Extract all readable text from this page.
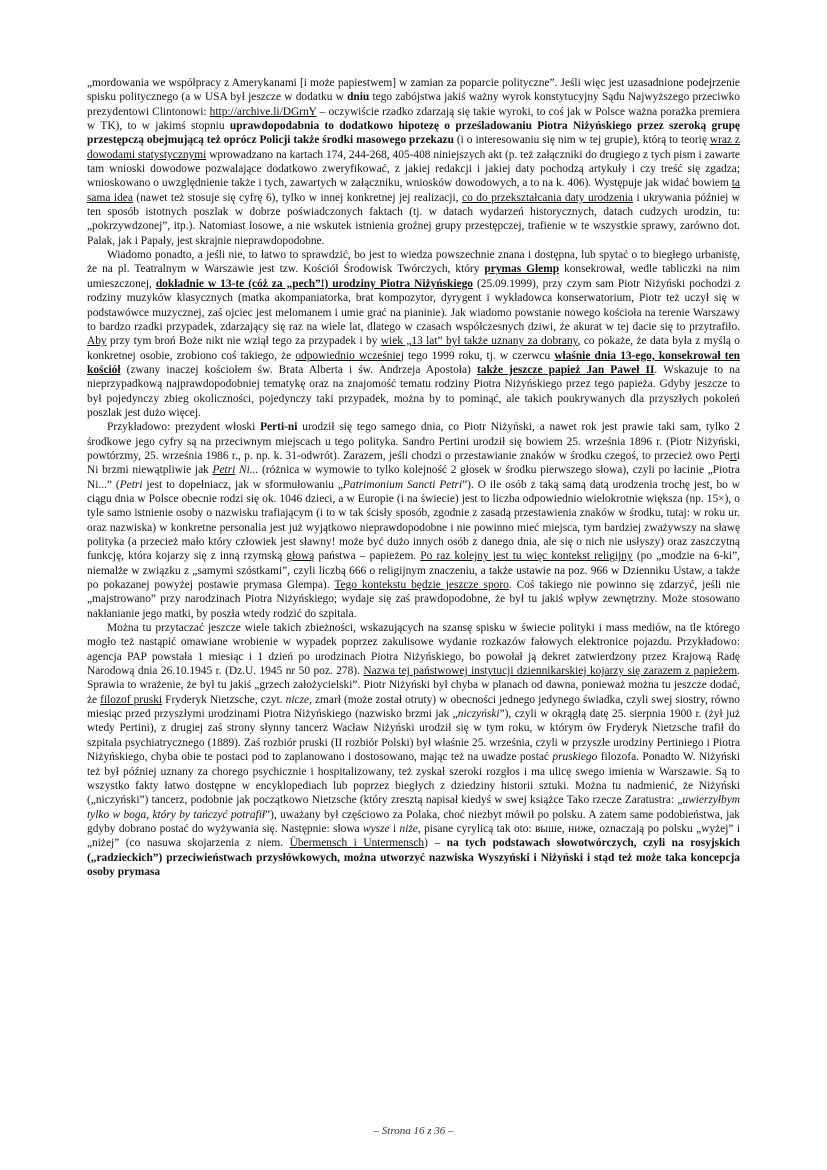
„mordowania we współpracy z Amerykanami [i może papiestwem] w zamian za poparcie polityczne”. Jeśli więc jest uzasadnione podejrzenie spisku politycznego (a w USA był jeszcze w dodatku w dniu tego zabójstwa jakiś ważny wyrok konstytucyjny Sądu Najwyższego przeciwko prezydentowi Clintonowi: http://archive.li/DGrnY – oczywiście rzadko zdarzają się takie wyroki, to coś jak w Polsce ważna porażka premiera w TK), to w jakimś stopniu uprawdopodabnia to dodatkowo hipotezę o prześladowaniu Piotra Niżyńskiego przez szeroką grupę przestępczą obejmującą też oprócz Policji także środki masowego przekazu (i o interesowaniu się nim w tej grupie), którą to teorię wraz z dowodami statystycznymi wprowadzano na kartach 174, 244-268, 405-408 niniejszych akt (p. też załączniki do drugiego z tych pism i zawarte tam wnioski dowodowe pozwalające dodatkowo zweryfikować, z jakiej redakcji i jakiej daty pochodzą artykuły i czy treść się zgadza; wnioskowano o uwzględnienie także i tych, zawartych w załączniku, wniosków dowodowych, a to na k. 406). Występuje jak widać bowiem ta sama idea (nawet też stosuje się cyfrę 6), tylko w innej konkretnej jej realizacji, co do przekształcania daty urodzenia i ukrywania później w ten sposób istotnych poszlak w dobrze poświadczonych faktach (tj. w datach wydarzeń historycznych, datach cudzych urodzin, tu: „pokrzywdzonej”, itp.). Natomiast losowe, a nie wskutek istnienia groźnej grupy przestępczej, trafienie w te wszystkie sprawy, zarówno dot. Palak, jak i Papały, jest skrajnie nieprawdopodobne.

Wiadomo ponadto, a jeśli nie, to łatwo to sprawdzić, bo jest to wiedza powszechnie znana i dostępna, lub spytać o to biegłego urbanistę, że na pl. Teatralnym w Warszawie jest tzw. Kościół Środowisk Twórczych, który prymas Glemp konsekrował, wedle tabliczki na nim umieszczonej, dokładnie w 13-te (cóż za „pech”!) urodziny Piotra Niżyńskiego (25.09.1999), przy czym sam Piotr Niżyński pochodzi z rodziny muzyków klasycznych (matka akompaniatorka, brat kompozytor, dyrygent i wykładowca konserwatorium, Piotr też uczył się w podstawówce muzycznej, zaś ojciec jest melomanem i umie grać na pianinie). Jak wiadomo powstanie nowego kościoła na terenie Warszawy to bardzo rzadki przypadek, zdarzający się raz na wiele lat, dlatego w czasach współczesnych dziwi, że akurat w tej dacie się to przytrafiło. Aby przy tym broń Boże nikt nie wziął tego za przypadek i by wiek „13 lat” był także uznany za dobrany, co pokaże, że data była z myślą o konkretnej osobie, zrobiono coś takiego, że odpowiednio wcześniej tego 1999 roku, tj. w czerwcu właśnie dnia 13-ego, konsekrował ten kościół (zwany inaczej kościołem św. Brata Alberta i św. Andrzeja Apostoła) także jeszcze papież Jan Paweł II. Wskazuje to na nieprzypadkową najprawdopodobniej tematykę oraz na znajomość tematu rodziny Piotra Niżyńskiego przez tego papieża. Gdyby jeszcze to był pojedynczy zbieg okoliczności, pojedynczy taki przypadek, można by to pominąć, ale takich poukrywanych dla przyszłych pokoleń poszlak jest dużo więcej.

Przykładowo: prezydent włoski Perti-ni urodził się tego samego dnia, co Piotr Niżyński, a nawet rok jest prawie taki sam, tylko 2 środkowe jego cyfry są na przeciwnym miejscach u tego polityka. Sandro Pertini urodził się bowiem 25. września 1896 r. (Piotr Niżyński, powtórzmy, 25. września 1986 r., p. np. k. 31-odwrót). Zarazem, jeśli chodzi o przestawianie znaków w środku czegoś, to przecież owo Perti Ni brzmi niewątpliwie jak Petri Ni... (różnica w wymowie to tylko kolejność 2 głosek w środku pierwszego słowa), czyli po łacinie „Piotra Ni...” (Petri jest to dopełniacz, jak w sformułowaniu „Patrimonium Sancti Petri”). O ile osób z taką samą datą urodzenia trochę jest, bo w ciągu dnia w Polsce obecnie rodzi się ok. 1046 dzieci, a w Europie (i na świecie) jest to liczba odpowiednio wielokrotnie większa (np. 15×), o tyle samo istnienie osoby o nazwisku trafiającym (i to w tak ścisły sposób, zgodnie z zasadą przestawienia znaków w środku, tutaj: w roku ur. oraz nazwiska) w konkretne personalia jest już wyjątkowo nieprawdopodobne i nie powinno mieć miejsca, tym bardziej zważywszy na sławę polityka (a przecież mało który człowiek jest sławny! może być dużo innych osób z danego dnia, ale się o nich nie usłyszy) oraz zaszczytną funkcję, która kojarzy się z inną rzymską głową państwa – papieżem. Po raz kolejny jest tu więc kontekst religijny (po „modzie na 6-ki”, niemalże w związku z „samymi szóstkami”, czyli liczbą 666 o religijnym znaczeniu, a także ustawie na poz. 966 w Dzienniku Ustaw, a także po pokazanej powyżej postawie prymasa Glempa). Tego kontekstu będzie jeszcze sporo. Coś takiego nie powinno się zdarzyć, jeśli nie „majstrowano” przy narodzinach Piotra Niżyńskiego; wydaje się zaś prawdopodobne, że był tu jakiś wpływ zewnętrzny. Może stosowano nakłanianie jego matki, by poszła wtedy rodzić do szpitala.

Można tu przytaczać jeszcze wiele takich zbieżności, wskazujących na szansę spisku w świecie polityki i mass mediów, na tle którego mogło też nastąpić omawiane wrobienie w wypadek poprzez zakulisowe wydanie rozkazów fałowych elektronice pojazdu. Przykładowo: agencja PAP powstała 1 miesiąc i 1 dzień po urodzinach Piotra Niżyńskiego, bo powołał ją dekret zatwierdzony przez Krajową Radę Narodową dnia 26.10.1945 r. (Dz.U. 1945 nr 50 poz. 278). Nazwa tej państwowej instytucji dziennikarskiej kojarzy się zarazem z papieżem. Sprawia to wrażenie, że był tu jakiś „grzech założycielski”. Piotr Niżyński był chyba w planach od dawna, ponieważ można tu jeszcze dodać, że filozof pruski Fryderyk Nietzsche, czyt. nicze, zmarł (może został otruty) w obecności jednego jedynego świadka, czyli swej siostry, równo miesiąc przed przyszłymi urodzinami Piotra Niżyńskiego (nazwisko brzmi jak „niczyński”), czyli w okrągłą datę 25. sierpnia 1900 r. (żył już wtedy Pertini), z drugiej zaś strony słynny tancerz Wacław Niżyński urodził się w tym roku, w którym ów Fryderyk Nietzsche trafił do szpitala psychiatrycznego (1889). Zaś rozbiór pruski (II rozbiór Polski) był właśnie 25. września, czyli w przyszłe urodziny Pertiniego i Piotra Niżyńskiego, chyba obie te postaci pod to zaplanowano i dostosowano, mając też na uwadze postać pruskiego filozofa. Ponadto W. Niżyński też był później uznany za chorego psychicznie i hospitalizowany, też zyskał szeroki rozgłos i ma ulicę swego imienia w Warszawie. Są to wszystko fakty łatwo dostępne w encyklopediach lub poprzez biegłych z dziedziny historii sztuki. Można tu nadmienić, że Niżyński („niczyński”) tancerz, podobnie jak początkowo Nietzsche (który zresztą napisał kiedyś w swej książce Tako rzecze Zaratustra: „uwierzyłbym tylko w boga, który by tańczyć potrafił”), uważany był częściowo za Polaka, choć niezbyt mówił po polsku. A zatem same podobieństwa, jak gdyby dobrano postać do wyżywania się. Następnie: słowa wysze i niże, pisane cyrylicą tak oto: выше, ниже, oznaczają po polsku „wyżej” i „niżej” (co nasuwa skojarzenia z niem. Übermensch i Untermensch) – na tych podstawach słowotwórczych, czyli na rosyjskich („radzieckich”) przeciwieństwach przysłówkowych, można utworzyć nazwiska Wyszyński i Niżyński i stąd też może taka koncepcja osoby prymasa

– Strona 16 z 36 –
